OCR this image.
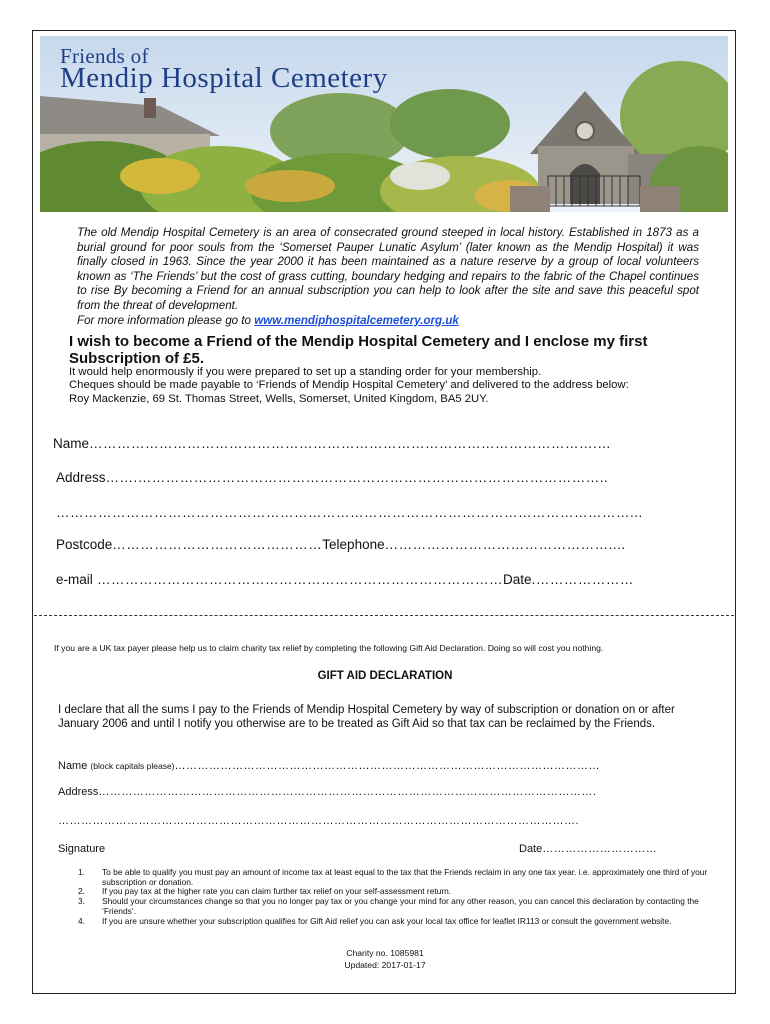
Friends of
Mendip Hospital Cemetery
The old Mendip Hospital Cemetery is an area of consecrated ground steeped in local history. Established in 1873 as a burial ground for poor souls from the ‘Somerset Pauper Lunatic Asylum’ (later known as the Mendip Hospital) it was finally closed in 1963. Since the year 2000 it has been maintained as a nature reserve by a group of local volunteers known as ‘The Friends’ but the cost of grass cutting, boundary hedging and repairs to the fabric of the Chapel continues to rise By becoming a Friend for an annual subscription you can help to look after the site and save this peaceful spot from the threat of development.
For more information please go to www.mendiphospitalcemetery.org.uk
I wish to become a Friend of the Mendip Hospital Cemetery and I enclose my first Subscription of £5.
It would help enormously if you were prepared to set up a standing order for your membership.
Cheques should be made payable to ‘Friends of Mendip Hospital Cemetery’ and delivered to the address below:
Roy Mackenzie, 69 St. Thomas Street, Wells, Somerset, United Kingdom, BA5 2UY.
Name……………………………………………………………………………………………….…
Address…….………………………………………………………………………………………..
……………………………………………………………………………………………………………...
Postcode………………………………………Telephone…………………………………………....
e-mail ……………………………………………………………………………Date.…………………
If you are a UK tax payer please help us to claim charity tax relief by completing the following Gift Aid Declaration. Doing so will cost you nothing.
GIFT AID DECLARATION
I declare that all the sums I pay to the Friends of Mendip Hospital Cemetery by way of subscription or donation on or after January 2006 and until I notify you otherwise are to be treated as Gift Aid so that tax can be reclaimed by the Friends.
Name (block capitals please)…………………………………………………………………………………………………
Address………………………………………………………………………………………………………………….
……………………………………………………………………………………………………………………….
Signature	Date…………………………
1.	To be able to qualify you must pay an amount of income tax at least equal to the tax that the Friends reclaim in any one tax year. i.e. approximately one third of your subscription or donation.
2.	If you pay tax at the higher rate you can claim further tax relief on your self-assessment return.
3.	Should your circumstances change so that you no longer pay tax or you change your mind for any other reason, you can cancel this declaration by contacting the ‘Friends’.
4.	If you are unsure whether your subscription qualifies for Gift Aid relief you can ask your local tax office for leaflet IR113 or consult the government website.
Charity no. 1085981
Updated: 2017-01-17
